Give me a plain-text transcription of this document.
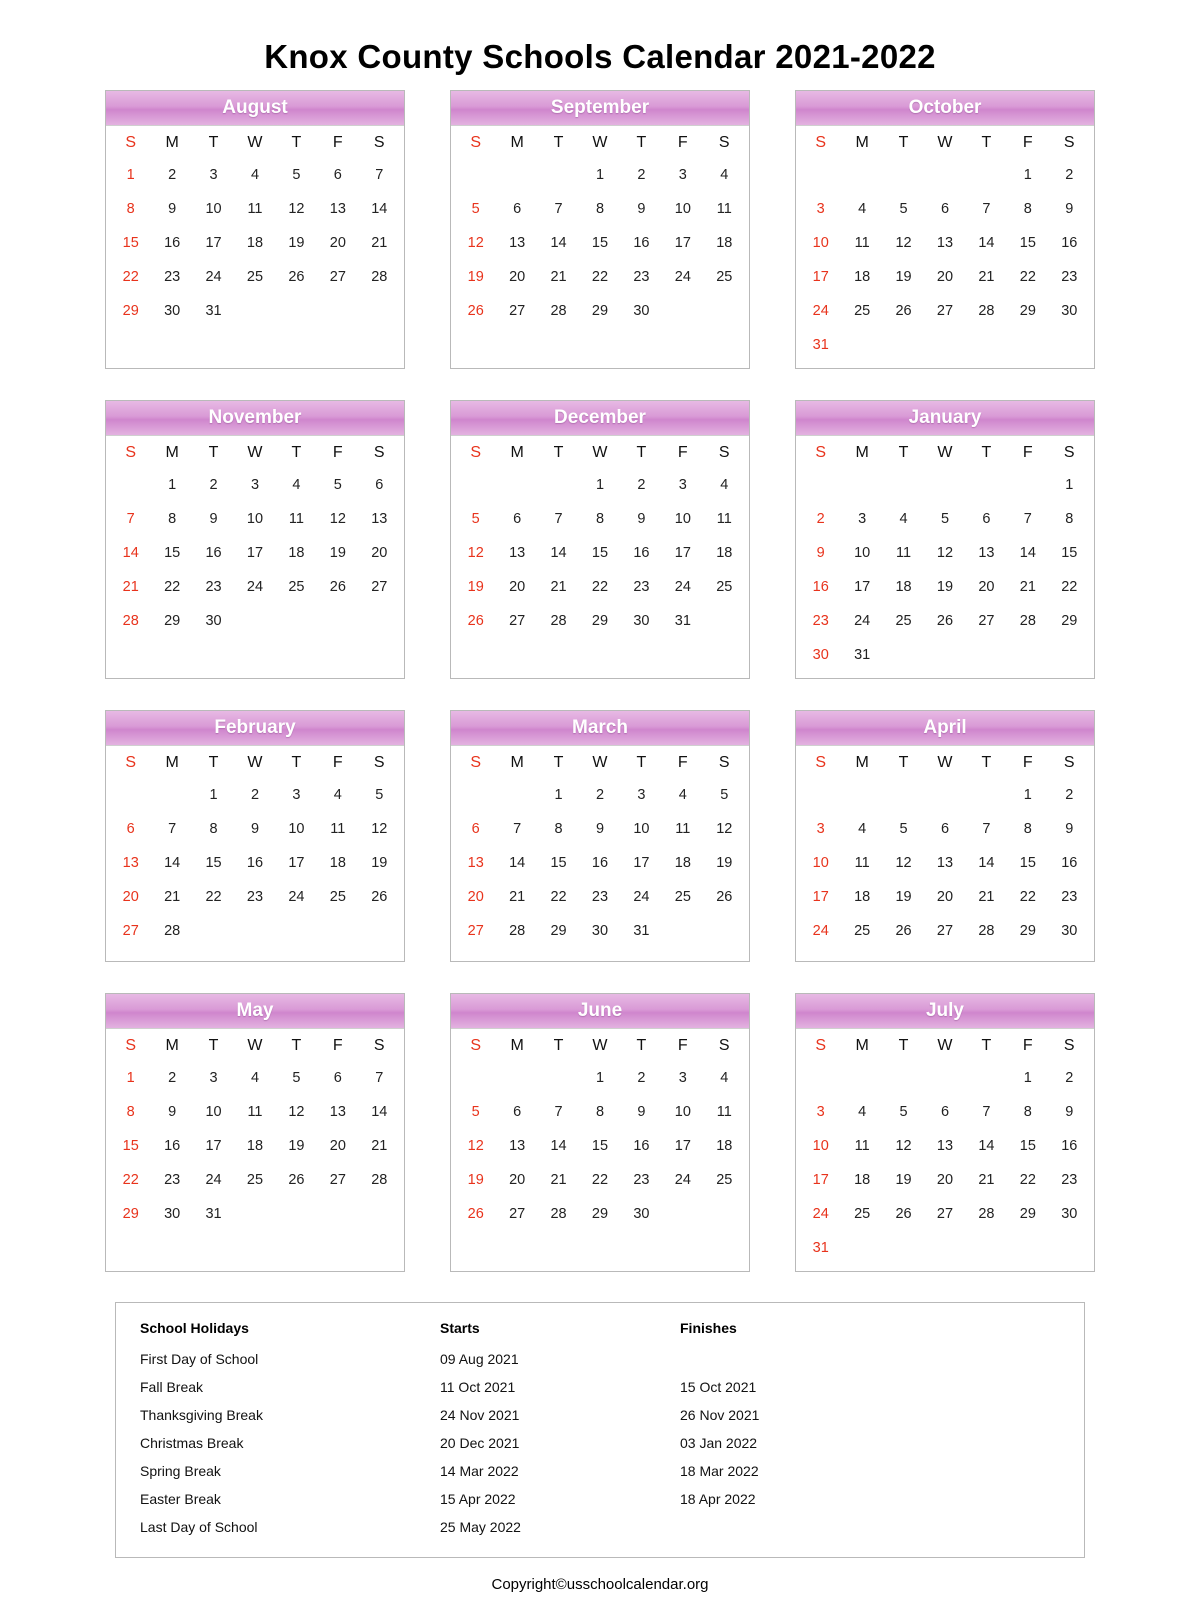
Knox County Schools Calendar 2021-2022
August
S	M	T	W	T	F	S
1	2	3	4	5	6	7
8	9	10	11	12	13	14
15	16	17	18	19	20	21
22	23	24	25	26	27	28
29	30	31				
September
S	M	T	W	T	F	S
			1	2	3	4
5	6	7	8	9	10	11
12	13	14	15	16	17	18
19	20	21	22	23	24	25
26	27	28	29	30		
October
S	M	T	W	T	F	S
					1	2
3	4	5	6	7	8	9
10	11	12	13	14	15	16
17	18	19	20	21	22	23
24	25	26	27	28	29	30
31						
November
S	M	T	W	T	F	S
	1	2	3	4	5	6
7	8	9	10	11	12	13
14	15	16	17	18	19	20
21	22	23	24	25	26	27
28	29	30				
December
S	M	T	W	T	F	S
			1	2	3	4
5	6	7	8	9	10	11
12	13	14	15	16	17	18
19	20	21	22	23	24	25
26	27	28	29	30	31	
January
S	M	T	W	T	F	S
						1
2	3	4	5	6	7	8
9	10	11	12	13	14	15
16	17	18	19	20	21	22
23	24	25	26	27	28	29
30	31					
February
S	M	T	W	T	F	S
		1	2	3	4	5
6	7	8	9	10	11	12
13	14	15	16	17	18	19
20	21	22	23	24	25	26
27	28					
March
S	M	T	W	T	F	S
		1	2	3	4	5
6	7	8	9	10	11	12
13	14	15	16	17	18	19
20	21	22	23	24	25	26
27	28	29	30	31		
April
S	M	T	W	T	F	S
					1	2
3	4	5	6	7	8	9
10	11	12	13	14	15	16
17	18	19	20	21	22	23
24	25	26	27	28	29	30
May
S	M	T	W	T	F	S
1	2	3	4	5	6	7
8	9	10	11	12	13	14
15	16	17	18	19	20	21
22	23	24	25	26	27	28
29	30	31				
June
S	M	T	W	T	F	S
			1	2	3	4
5	6	7	8	9	10	11
12	13	14	15	16	17	18
19	20	21	22	23	24	25
26	27	28	29	30		
July
S	M	T	W	T	F	S
					1	2
3	4	5	6	7	8	9
10	11	12	13	14	15	16
17	18	19	20	21	22	23
24	25	26	27	28	29	30
31						
School Holidays	Starts	Finishes
First Day of School	09 Aug 2021	
Fall Break	11 Oct 2021	15 Oct 2021
Thanksgiving Break	24 Nov 2021	26 Nov 2021
Christmas Break	20 Dec 2021	03 Jan 2022
Spring Break	14 Mar 2022	18 Mar 2022
Easter Break	15 Apr 2022	18 Apr 2022
Last Day of School	25 May 2022	
Copyright©usschoolcalendar.org
